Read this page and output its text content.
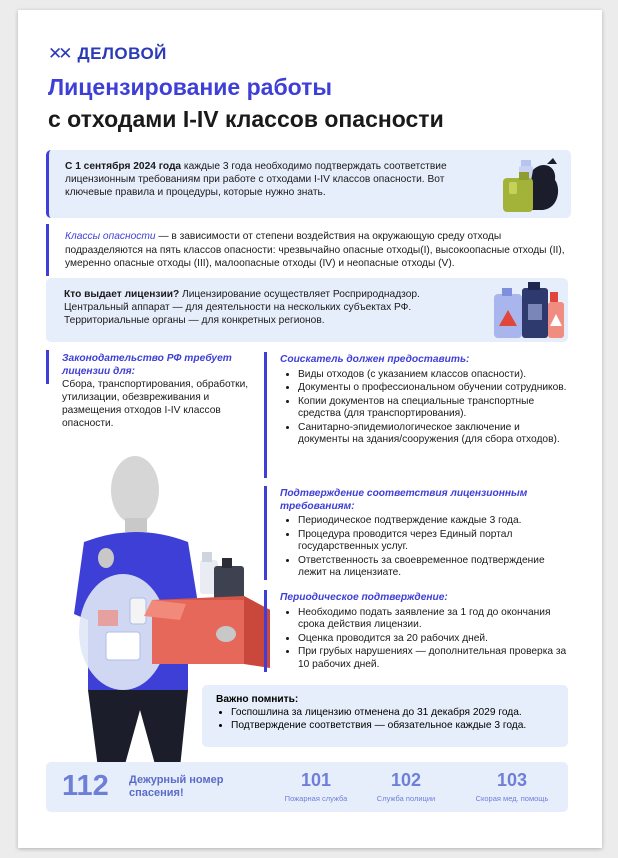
✕✕ ДЕЛОВОЙ
Лицензирование работы
с отходами I-IV классов опасности
С 1 сентября 2024 года каждые 3 года необходимо подтверждать соответствие лицензионным требованиям при работе с отходами I-IV классов опасности. Вот ключевые правила и процедуры, которые нужно знать.
Классы опасности — в зависимости от степени воздействия на окружающую среду отходы подразделяются на пять классов опасности: чрезвычайно опасные отходы(I), высокоопасные отходы (II), умеренно опасные отходы (III), малоопасные отходы (IV) и неопасные отходы (V).
Кто выдает лицензии? Лицензирование осуществляет Росприроднадзор. Центральный аппарат — для деятельности на нескольких субъектах РФ. Территориальные органы — для конкретных регионов.
Законодательство РФ требует лицензии для:
Сбора, транспортирования, обработки, утилизации, обезвреживания и размещения отходов I-IV классов опасности.
Соискатель должен предоставить:
• Виды отходов (с указанием классов опасности).
• Документы о профессиональном обучении сотрудников.
• Копии документов на специальные транспортные средства (для транспортирования).
• Санитарно-эпидемиологическое заключение и документы на здания/сооружения (для сбора отходов).
Подтверждение соответствия лицензионным требованиям:
• Периодическое подтверждение каждые 3 года.
• Процедура проводится через Единый портал государственных услуг.
• Ответственность за своевременное подтверждение лежит на лицензиате.
Периодическое подтверждение:
• Необходимо подать заявление за 1 год до окончания срока действия лицензии.
• Оценка проводится за 20 рабочих дней.
• При грубых нарушениях — дополнительная проверка за 10 рабочих дней.
Важно помнить:
• Госпошлина за лицензию отменена до 31 декабря 2029 года.
• Подтверждение соответствия — обязательное каждые 3 года.
112 Дежурный номер спасения!
101
Пожарная служба
102
Служба полиции
103
Скорая мед. помощь
